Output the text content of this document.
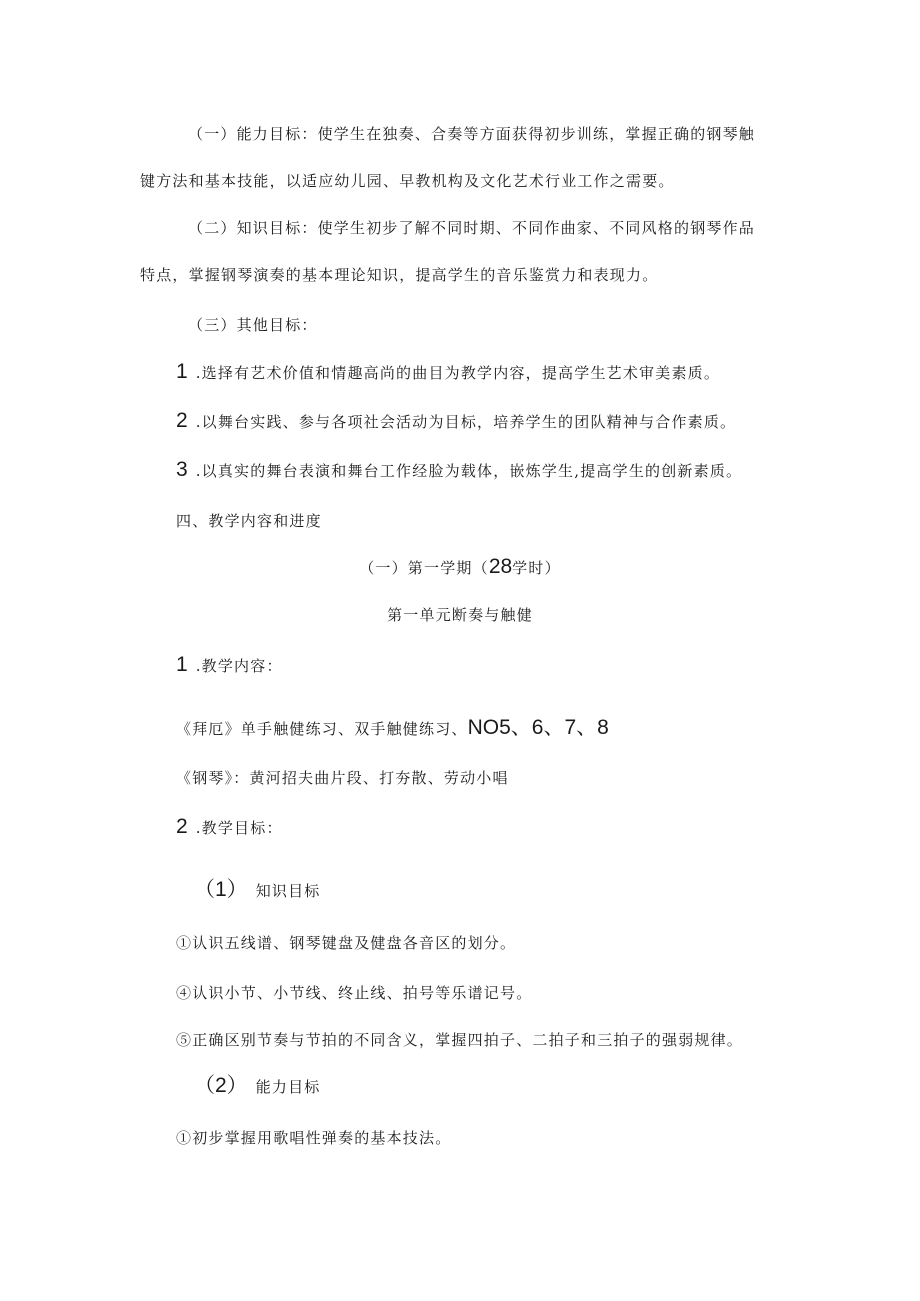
（一）能力目标：使学生在独奏、合奏等方面获得初步训练，掌握正确的钢琴触
键方法和基本技能，以适应幼儿园、早教机构及文化艺术行业工作之需要。
（二）知识目标：使学生初步了解不同时期、不同作曲家、不同风格的钢琴作品
特点，掌握钢琴演奏的基本理论知识，提高学生的音乐鉴赏力和表现力。
（三）其他目标：
1 .选择有艺术价值和情趣高尚的曲目为教学内容，提高学生艺术审美素质。
2 .以舞台实践、参与各项社会活动为目标，培养学生的团队精神与合作素质。
3 .以真实的舞台表演和舞台工作经脸为载体，嵌炼学生,提高学生的创新素质。
四、教学内容和进度
（一）第一学期（28学时）
第一单元断奏与触健
1 .教学内容：
《拜厄》单手触健练习、双手触健练习、NO5、6、7、8
《钢琴》：黄河招夫曲片段、打夯散、劳动小唱
2 .教学目标：
（1） 知识目标
①认识五线谱、钢琴键盘及健盘各音区的划分。
④认识小节、小节线、终止线、拍号等乐谱记号。
⑤正确区别节奏与节拍的不同含义，掌握四拍子、二拍子和三拍子的强弱规律。
（2） 能力目标
①初步掌握用歌唱性弹奏的基本技法。
